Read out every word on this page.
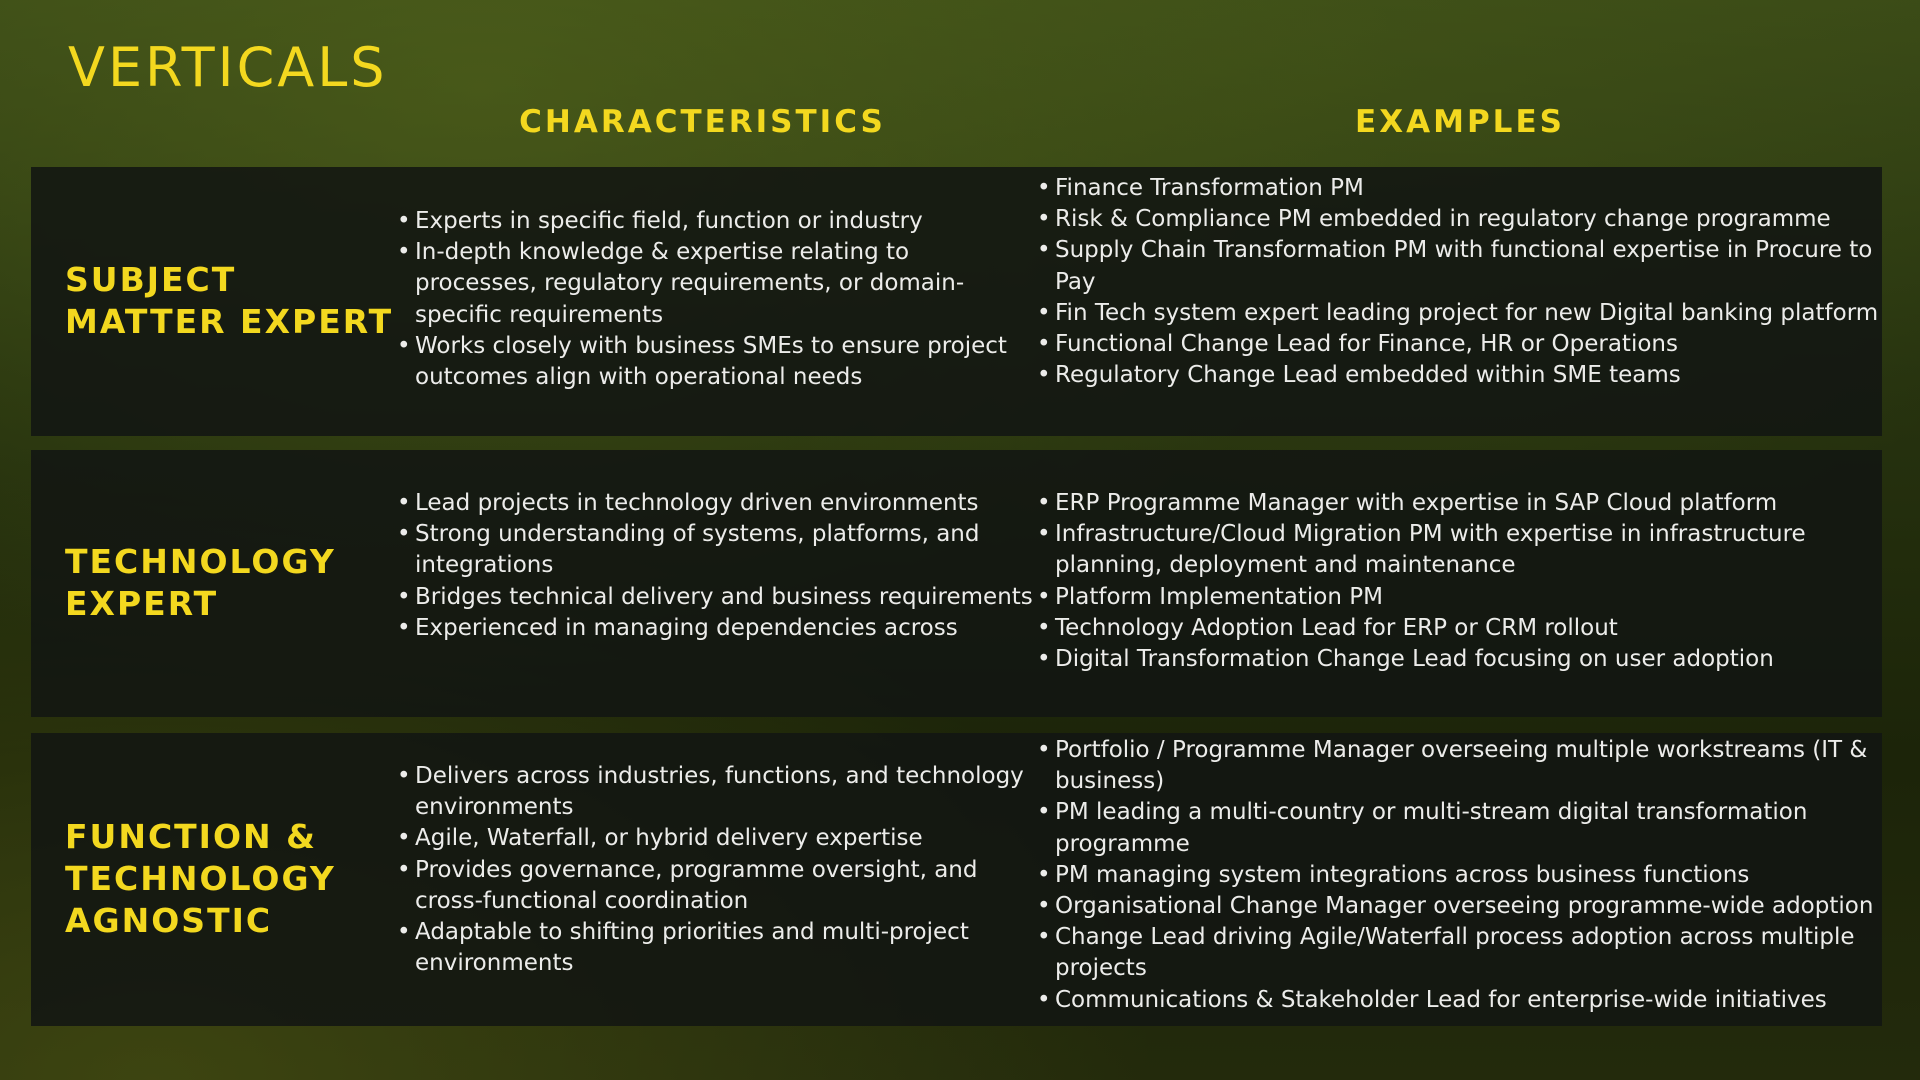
VERTICALS
CHARACTERISTICS	EXAMPLES
SUBJECT
MATTER EXPERT
• Experts in specific field, function or industry
• In-depth knowledge & expertise relating to processes, regulatory requirements, or domain-specific requirements
• Works closely with business SMEs to ensure project outcomes align with operational needs
• Finance Transformation PM
• Risk & Compliance PM embedded in regulatory change programme
• Supply Chain Transformation PM with functional expertise in Procure to Pay
• Fin Tech system expert leading project for new Digital banking platform
• Functional Change Lead for Finance, HR or Operations
• Regulatory Change Lead embedded within SME teams
TECHNOLOGY
EXPERT
• Lead projects in technology driven environments
• Strong understanding of systems, platforms, and integrations
• Bridges technical delivery and business requirements
• Experienced in managing dependencies across
• ERP Programme Manager with expertise in SAP Cloud platform
• Infrastructure/Cloud Migration PM with expertise in infrastructure planning, deployment and maintenance
• Platform Implementation PM
• Technology Adoption Lead for ERP or CRM rollout
• Digital Transformation Change Lead focusing on user adoption
FUNCTION &
TECHNOLOGY
AGNOSTIC
• Delivers across industries, functions, and technology environments
• Agile, Waterfall, or hybrid delivery expertise
• Provides governance, programme oversight, and cross-functional coordination
• Adaptable to shifting priorities and multi-project environments
• Portfolio / Programme Manager overseeing multiple workstreams (IT & business)
• PM leading a multi-country or multi-stream digital transformation programme
• PM managing system integrations across business functions
• Organisational Change Manager overseeing programme-wide adoption
• Change Lead driving Agile/Waterfall process adoption across multiple projects
• Communications & Stakeholder Lead for enterprise-wide initiatives
